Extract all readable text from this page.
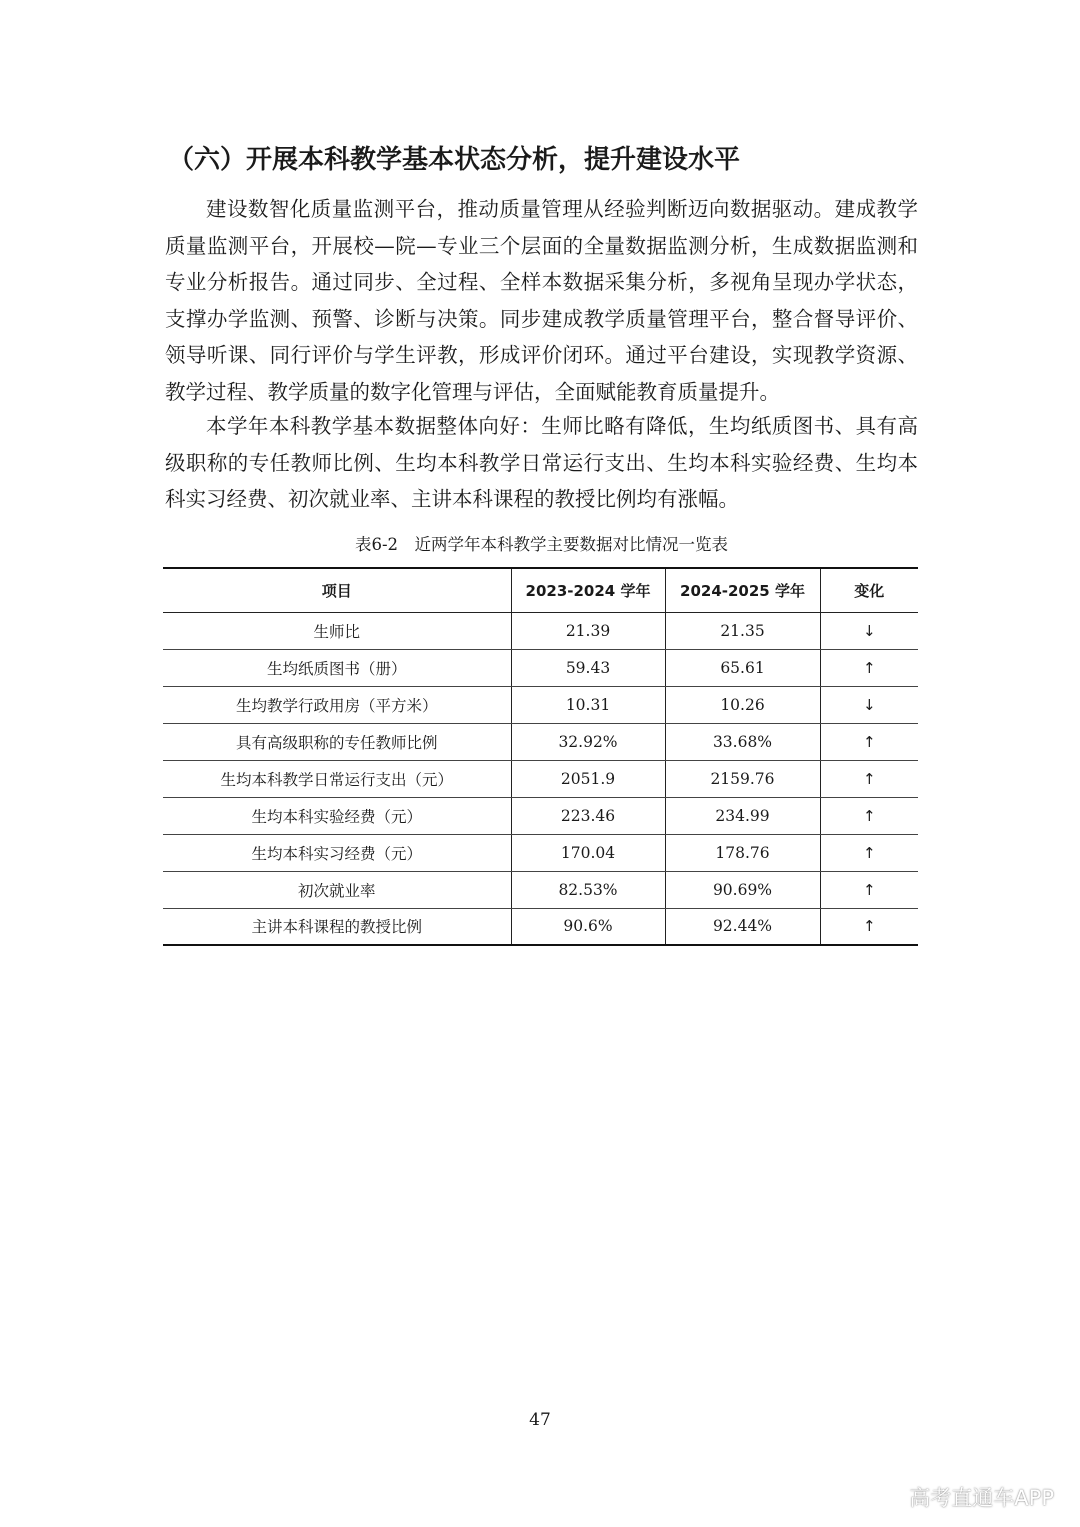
（六）开展本科教学基本状态分析，提升建设水平

建设数智化质量监测平台，推动质量管理从经验判断迈向数据驱动。建成教学质量监测平台，开展校—院—专业三个层面的全量数据监测分析，生成数据监测和专业分析报告。通过同步、全过程、全样本数据采集分析，多视角呈现办学状态，支撑办学监测、预警、诊断与决策。同步建成教学质量管理平台，整合督导评价、领导听课、同行评价与学生评教，形成评价闭环。通过平台建设，实现教学资源、教学过程、教学质量的数字化管理与评估，全面赋能教育质量提升。

本学年本科教学基本数据整体向好：生师比略有降低，生均纸质图书、具有高级职称的专任教师比例、生均本科教学日常运行支出、生均本科实验经费、生均本科实习经费、初次就业率、主讲本科课程的教授比例均有涨幅。

表6-2　近两学年本科教学主要数据对比情况一览表
项目	2023-2024 学年	2024-2025 学年	变化
生师比	21.39	21.35	↓
生均纸质图书（册）	59.43	65.61	↑
生均教学行政用房（平方米）	10.31	10.26	↓
具有高级职称的专任教师比例	32.92%	33.68%	↑
生均本科教学日常运行支出（元）	2051.9	2159.76	↑
生均本科实验经费（元）	223.46	234.99	↑
生均本科实习经费（元）	170.04	178.76	↑
初次就业率	82.53%	90.69%	↑
主讲本科课程的教授比例	90.6%	92.44%	↑
47
高考直通车APP
